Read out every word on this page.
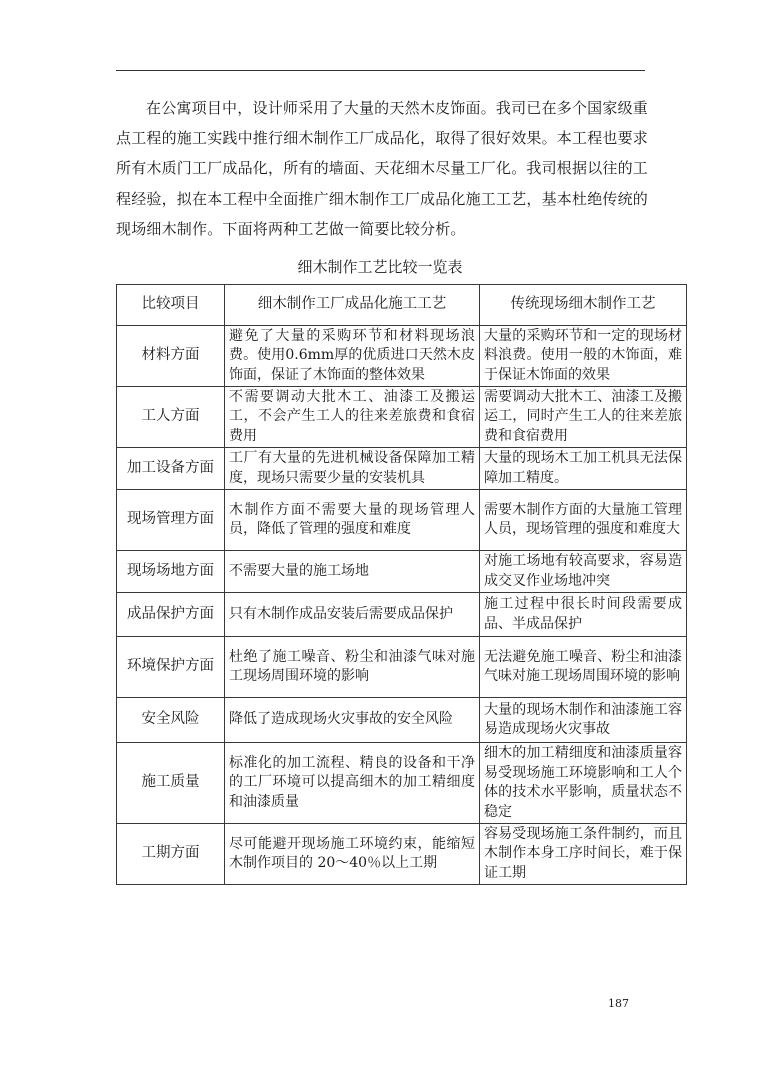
在公寓项目中，设计师采用了大量的天然木皮饰面。我司已在多个国家级重点工程的施工实践中推行细木制作工厂成品化，取得了很好效果。本工程也要求所有木质门工厂成品化，所有的墙面、天花细木尽量工厂化。我司根据以往的工程经验，拟在本工程中全面推广细木制作工厂成品化施工工艺，基本杜绝传统的现场细木制作。下面将两种工艺做一简要比较分析。

细木制作工艺比较一览表
比较项目	细木制作工厂成品化施工工艺	传统现场细木制作工艺
材料方面	避免了大量的采购环节和材料现场浪费。使用0.6mm厚的优质进口天然木皮饰面，保证了木饰面的整体效果	大量的采购环节和一定的现场材料浪费。使用一般的木饰面，难于保证木饰面的效果
工人方面	不需要调动大批木工、油漆工及搬运工，不会产生工人的往来差旅费和食宿费用	需要调动大批木工、油漆工及搬运工，同时产生工人的往来差旅费和食宿费用
加工设备方面	工厂有大量的先进机械设备保障加工精度，现场只需要少量的安装机具	大量的现场木工加工机具无法保障加工精度。
现场管理方面	木制作方面不需要大量的现场管理人员，降低了管理的强度和难度	需要木制作方面的大量施工管理人员，现场管理的强度和难度大
现场场地方面	不需要大量的施工场地	对施工场地有较高要求，容易造成交叉作业场地冲突
成品保护方面	只有木制作成品安装后需要成品保护	施工过程中很长时间段需要成品、半成品保护
环境保护方面	杜绝了施工噪音、粉尘和油漆气味对施工现场周围环境的影响	无法避免施工噪音、粉尘和油漆气味对施工现场周围环境的影响
安全风险	降低了造成现场火灾事故的安全风险	大量的现场木制作和油漆施工容易造成现场火灾事故
施工质量	标准化的加工流程、精良的设备和干净的工厂环境可以提高细木的加工精细度和油漆质量	细木的加工精细度和油漆质量容易受现场施工环境影响和工人个体的技术水平影响，质量状态不稳定
工期方面	尽可能避开现场施工环境约束，能缩短木制作项目的 20～40％以上工期	容易受现场施工条件制约，而且木制作本身工序时间长，难于保证工期
187
